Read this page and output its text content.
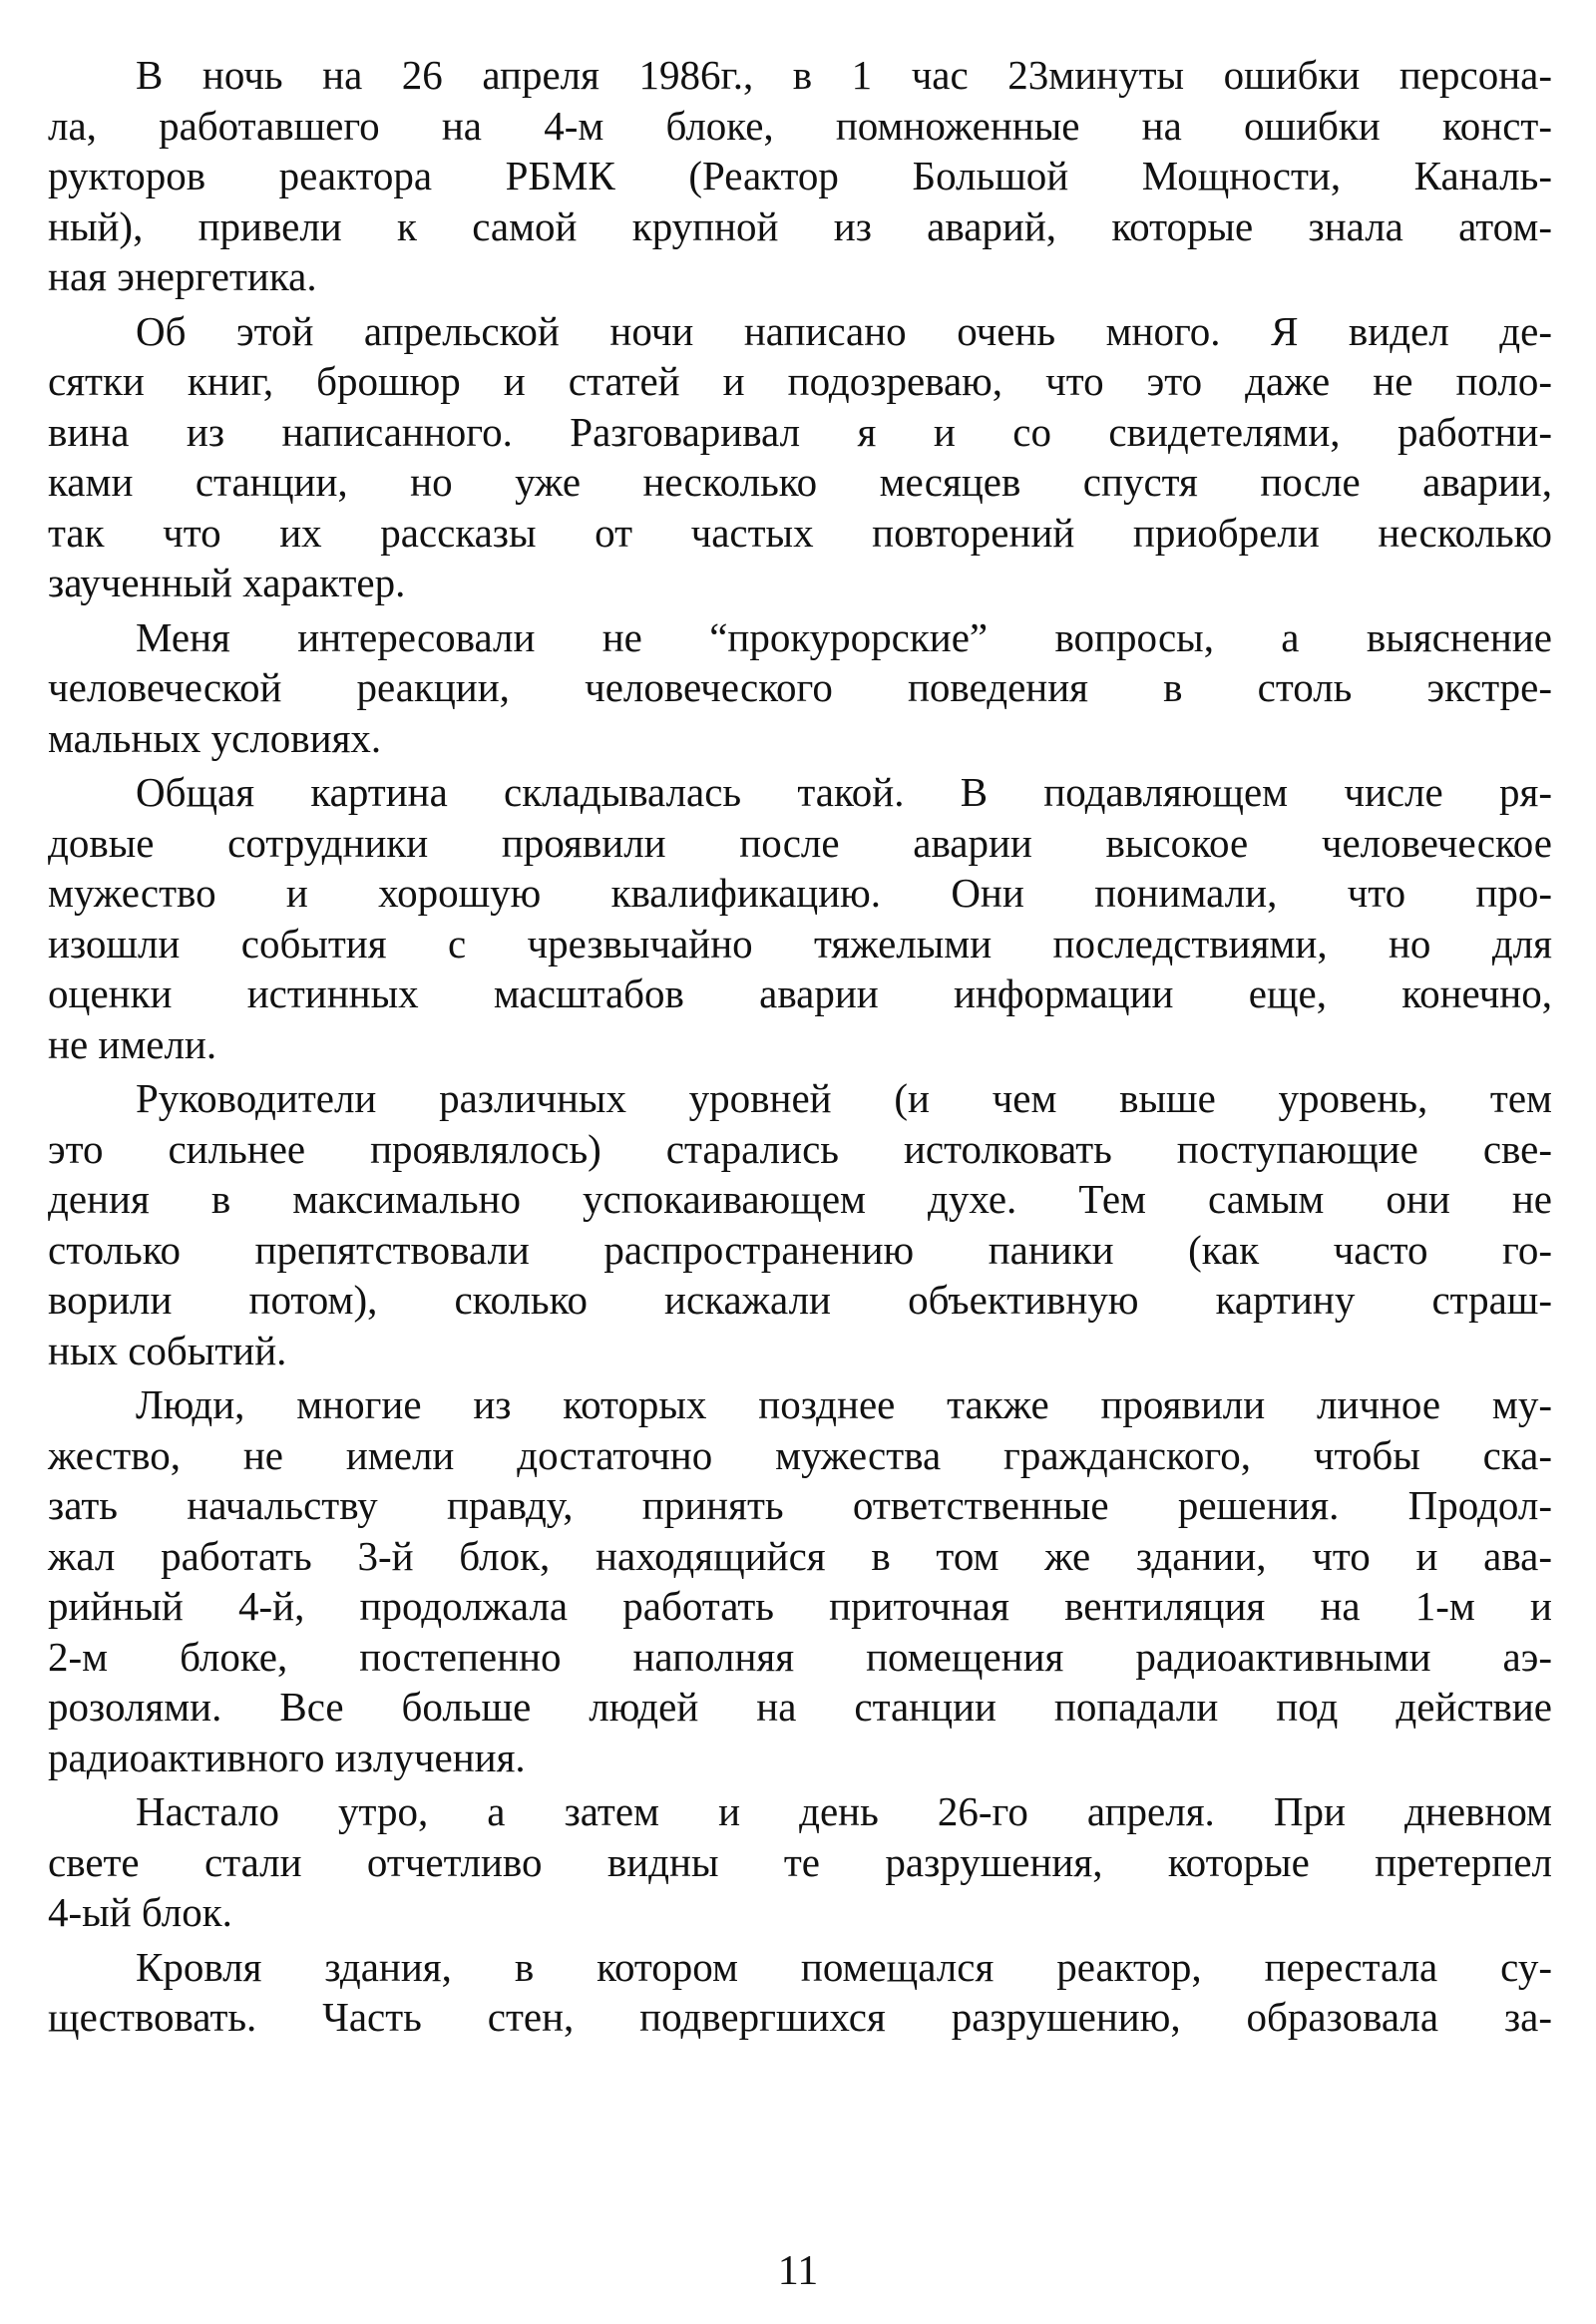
В ночь на 26 апреля 1986г., в 1 час 23минуты ошибки персона-
ла, работавшего на 4-м блоке, помноженные на ошибки конст-
рукторов реактора РБМК (Реактор Большой Мощности, Каналь-
ный), привели к самой крупной из аварий, которые знала атом-
ная энергетика.
Об этой апрельской ночи написано очень много. Я видел де-
сятки книг, брошюр и статей и подозреваю, что это даже не поло-
вина из написанного. Разговаривал я и со свидетелями, работни-
ками станции, но уже несколько месяцев спустя после аварии,
так что их рассказы от частых повторений приобрели несколько
заученный характер.
Меня интересовали не “прокурорские” вопросы, а выяснение
человеческой реакции, человеческого поведения в столь экстре-
мальных условиях.
Общая картина складывалась такой. В подавляющем числе ря-
довые сотрудники проявили после аварии высокое человеческое
мужество и хорошую квалификацию. Они понимали, что про-
изошли события с чрезвычайно тяжелыми последствиями, но для
оценки истинных масштабов аварии информации еще, конечно,
не имели.
Руководители различных уровней (и чем выше уровень, тем
это сильнее проявлялось) старались истолковать поступающие све-
дения в максимально успокаивающем духе. Тем самым они не
столько препятствовали распространению паники (как часто го-
ворили потом), сколько искажали объективную картину страш-
ных событий.
Люди, многие из которых позднее также проявили личное му-
жество, не имели достаточно мужества гражданского, чтобы ска-
зать начальству правду, принять ответственные решения. Продол-
жал работать 3-й блок, находящийся в том же здании, что и ава-
рийный 4-й, продолжала работать приточная вентиляция на 1-м и
2-м блоке, постепенно наполняя помещения радиоактивными аэ-
розолями. Все больше людей на станции попадали под действие
радиоактивного излучения.
Настало утро, а затем и день 26-го апреля. При дневном
свете стали отчетливо видны те разрушения, которые претерпел
4-ый блок.
Кровля здания, в котором помещался реактор, перестала су-
ществовать. Часть стен, подвергшихся разрушению, образовала за-
11
